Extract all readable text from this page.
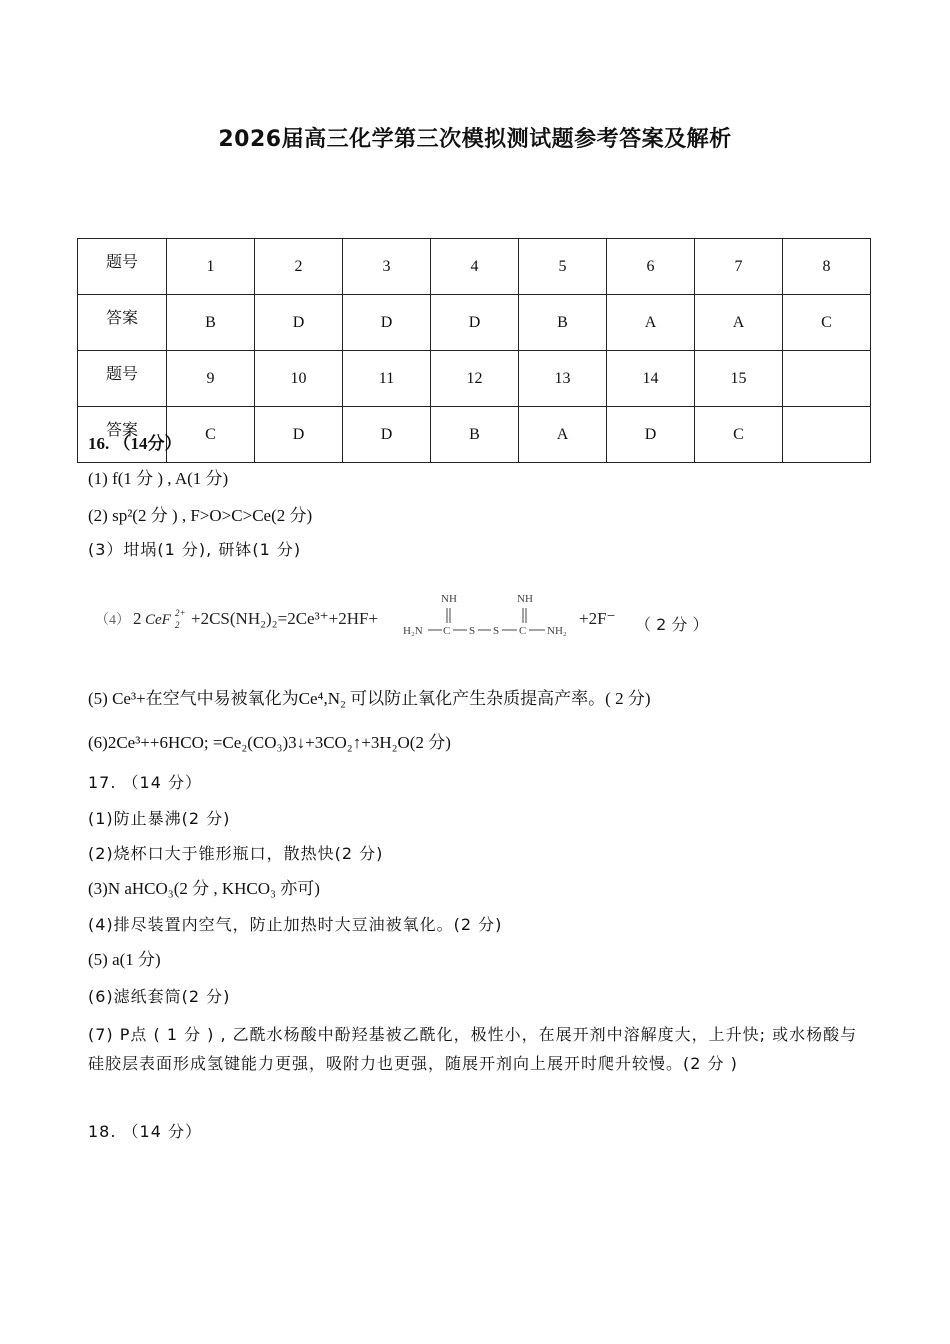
2026届高三化学第三次模拟测试题参考答案及解析
题号	1	2	3	4	5	6	7	8
答案	B	D	D	D	B	A	A	C
题号	9	10	11	12	13	14	15	
答案	C	D	D	B	A	D	C	
16. （14分）
(1) f(1 分 ) , A(1 分)
(2) sp²(2 分 ) , F>O>C>Ce(2 分)
(3）坩埚(1 分), 研钵(1 分)
（4） 2 CeF 2
2+ +2CS(NH₂)₂=2Ce³⁺+2HF+
H₂N C
NH
S S C
NH
NH₂
+2F⁻ （ 2 分 ）
(5) Ce³+在空气中易被氧化为Ce⁴,N₂ 可以防止氧化产生杂质提高产率。( 2 分)
(6)2Ce³++6HCO; =Ce₂(CO₃)3↓+3CO₂↑+3H₂O(2 分)
17. （14 分）
(1)防止暴沸(2 分)
(2)烧杯口大于锥形瓶口，散热快(2 分)
(3)N aHCO₃(2 分 , KHCO₃ 亦可)
(4)排尽装置内空气，防止加热时大豆油被氧化。(2 分)
(5) a(1 分)
(6)滤纸套筒(2 分)
(7) P点 ( 1 分 ) , 乙酰水杨酸中酚羟基被乙酰化，极性小，在展开剂中溶解度大，上升快; 或水杨酸与硅胶层表面形成氢键能力更强，吸附力也更强，随展开剂向上展开时爬升较慢。(2 分 )
18. （14 分）
